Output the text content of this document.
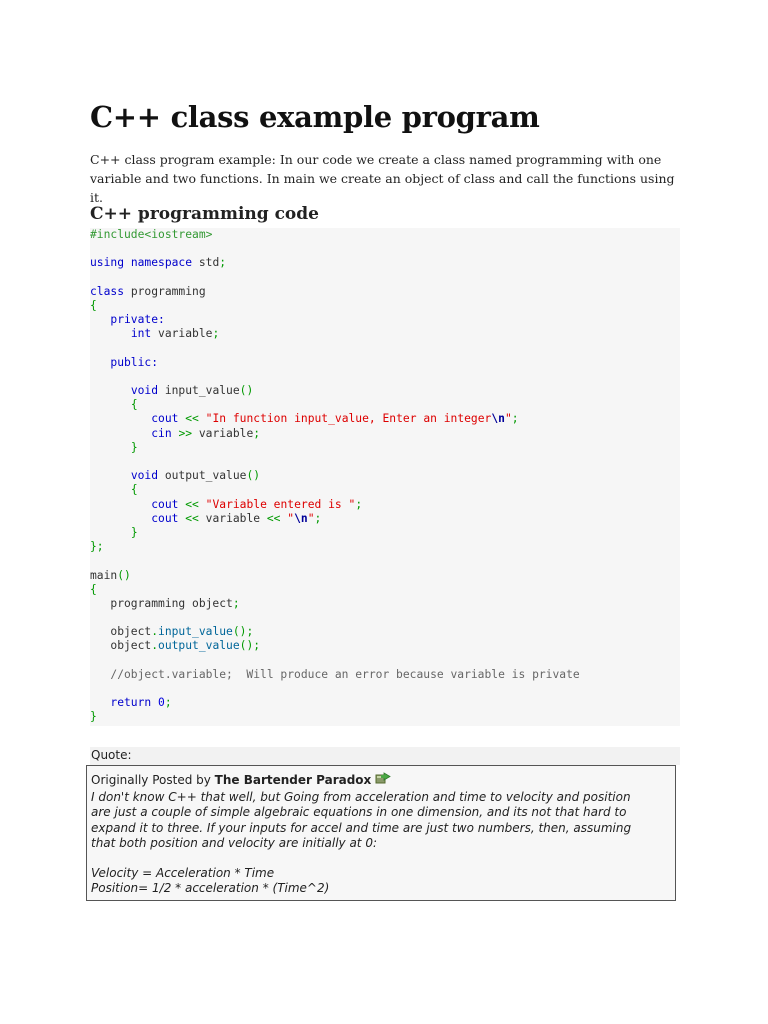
C++ class example program

C++ class program example: In our code we create a class named programming with one
variable and two functions. In main we create an object of class and call the functions using it.

C++ programming code
#include<iostream>

using namespace std;

class programming
{
private:
int variable;

public:

void input_value()
{
cout << "In function input_value, Enter an integer\n";
cin >> variable;
}

void output_value()
{
cout << "Variable entered is ";
cout << variable << "\n";
}
};

main()
{
programming object;

object.input_value();
object.output_value();

//object.variable;  Will produce an error because variable is private

return 0;
}
Quote:
Originally Posted by The Bartender Paradox
I don't know C++ that well, but Going from acceleration and time to velocity and position
are just a couple of simple algebraic equations in one dimension, and its not that hard to
expand it to three. If your inputs for accel and time are just two numbers, then, assuming
that both position and velocity are initially at 0:
Velocity = Acceleration * Time
Position= 1/2 * acceleration * (Time^2)
